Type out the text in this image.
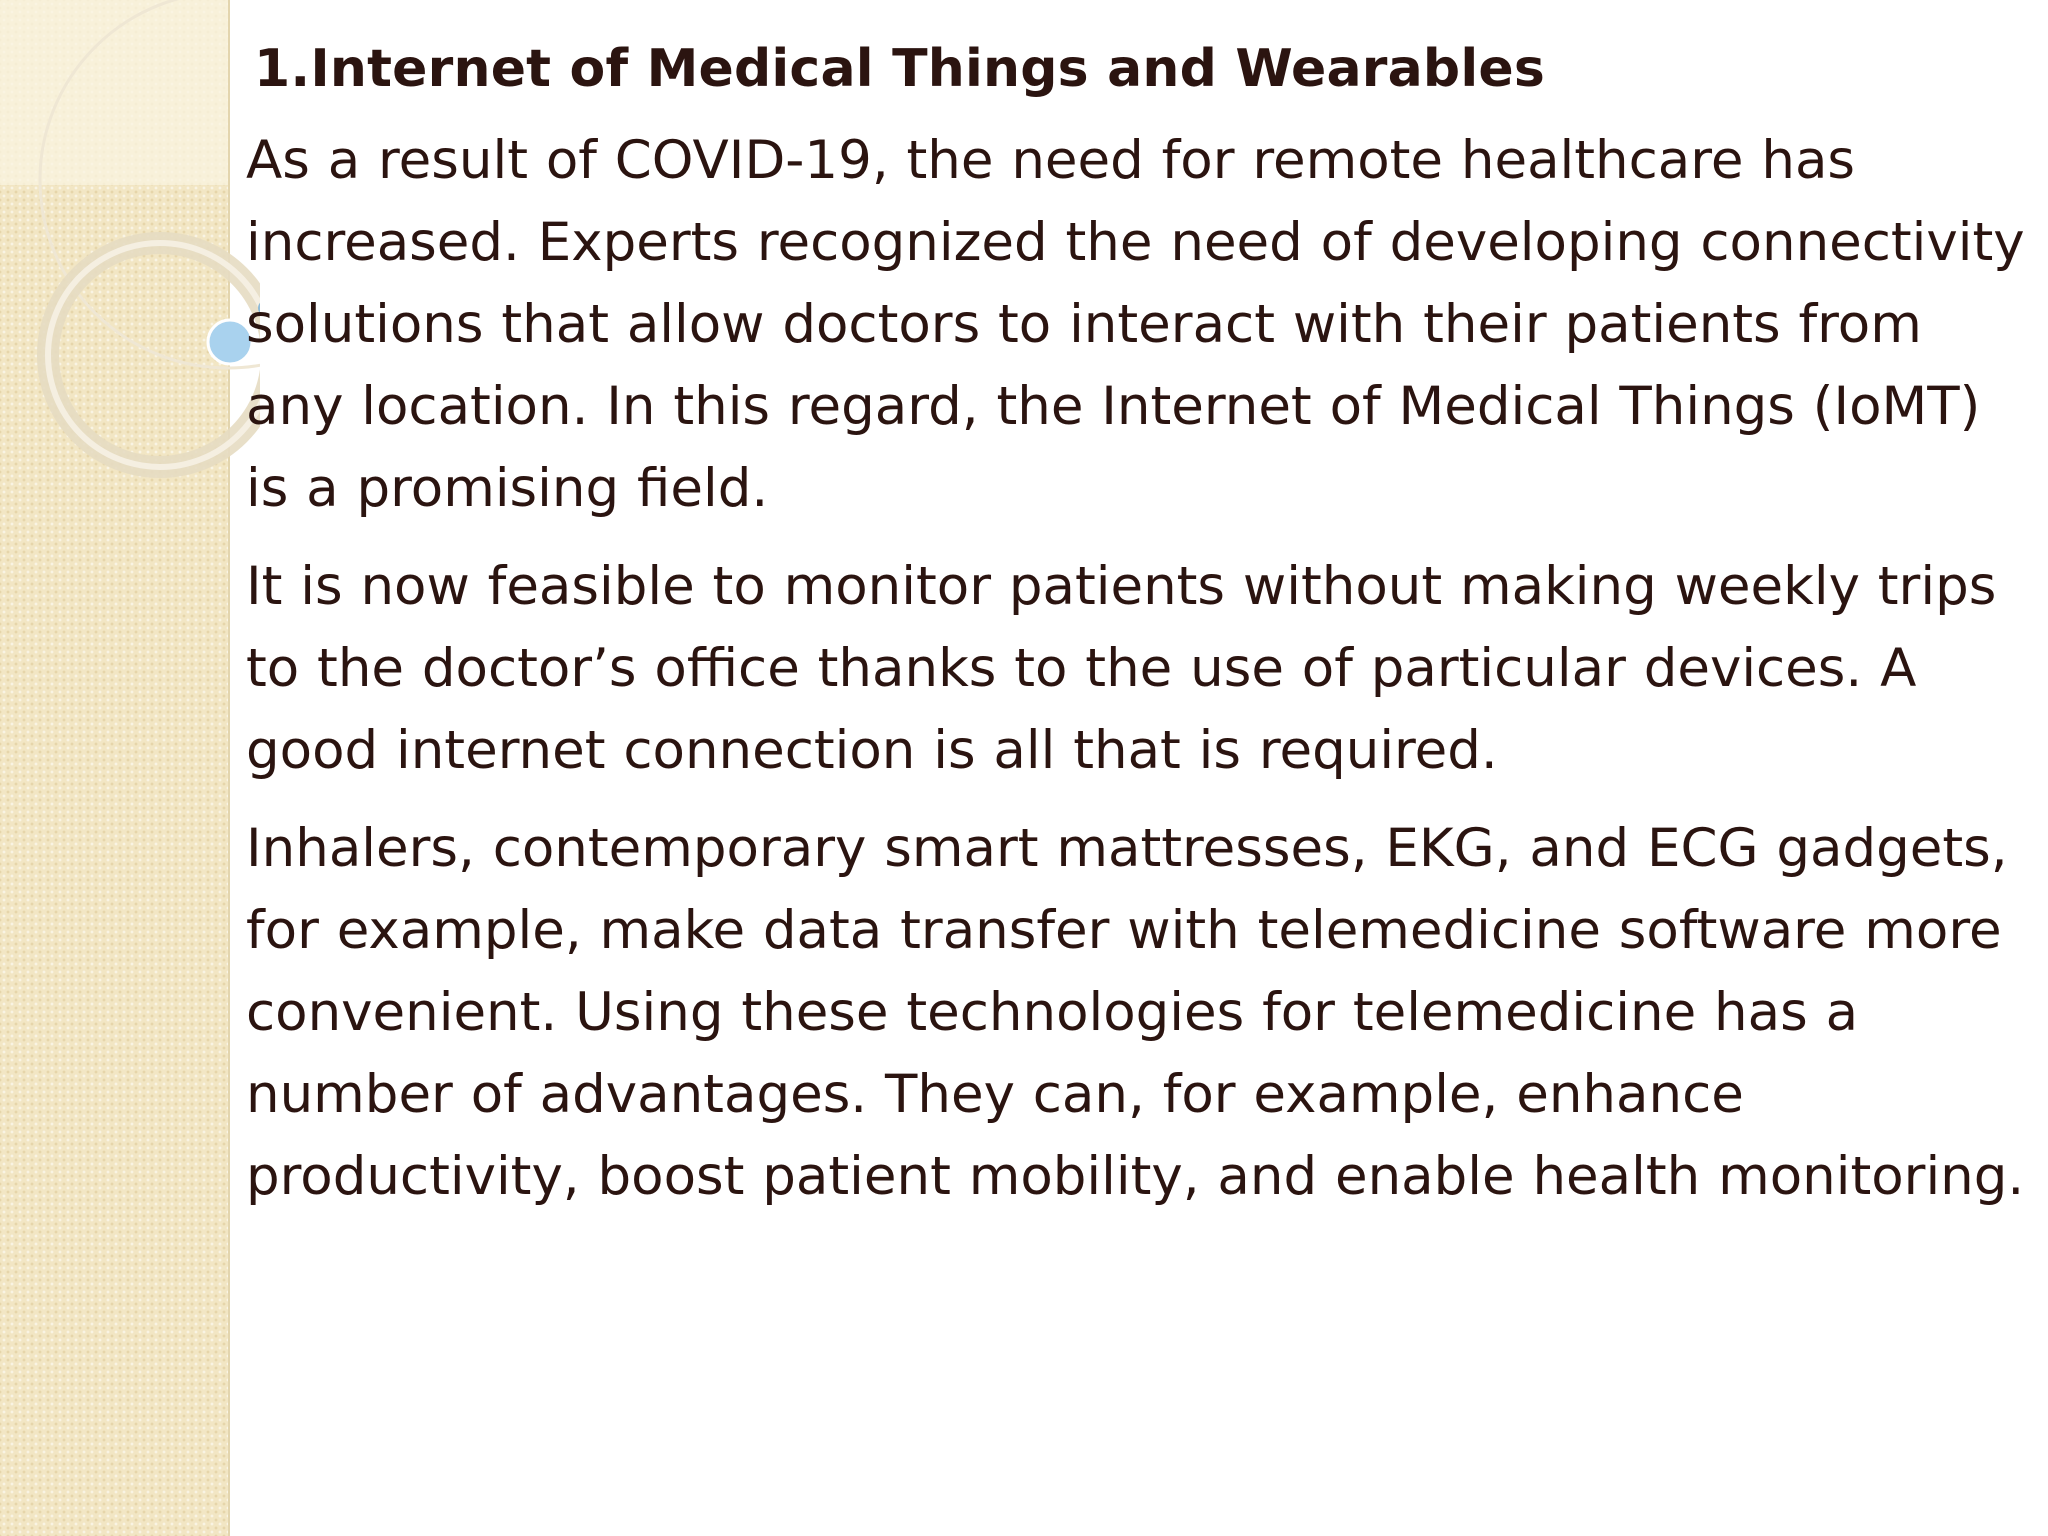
1.Internet of Medical Things and Wearables

As a result of COVID-19, the need for remote healthcare has increased. Experts recognized the need of developing connectivity solutions that allow doctors to interact with their patients from any location. In this regard, the Internet of Medical Things (IoMT) is a promising field.

It is now feasible to monitor patients without making weekly trips to the doctor’s office thanks to the use of particular devices. A good internet connection is all that is required.

Inhalers, contemporary smart mattresses, EKG, and ECG gadgets, for example, make data transfer with telemedicine software more convenient. Using these technologies for telemedicine has a number of advantages. They can, for example, enhance productivity, boost patient mobility, and enable health monitoring.
